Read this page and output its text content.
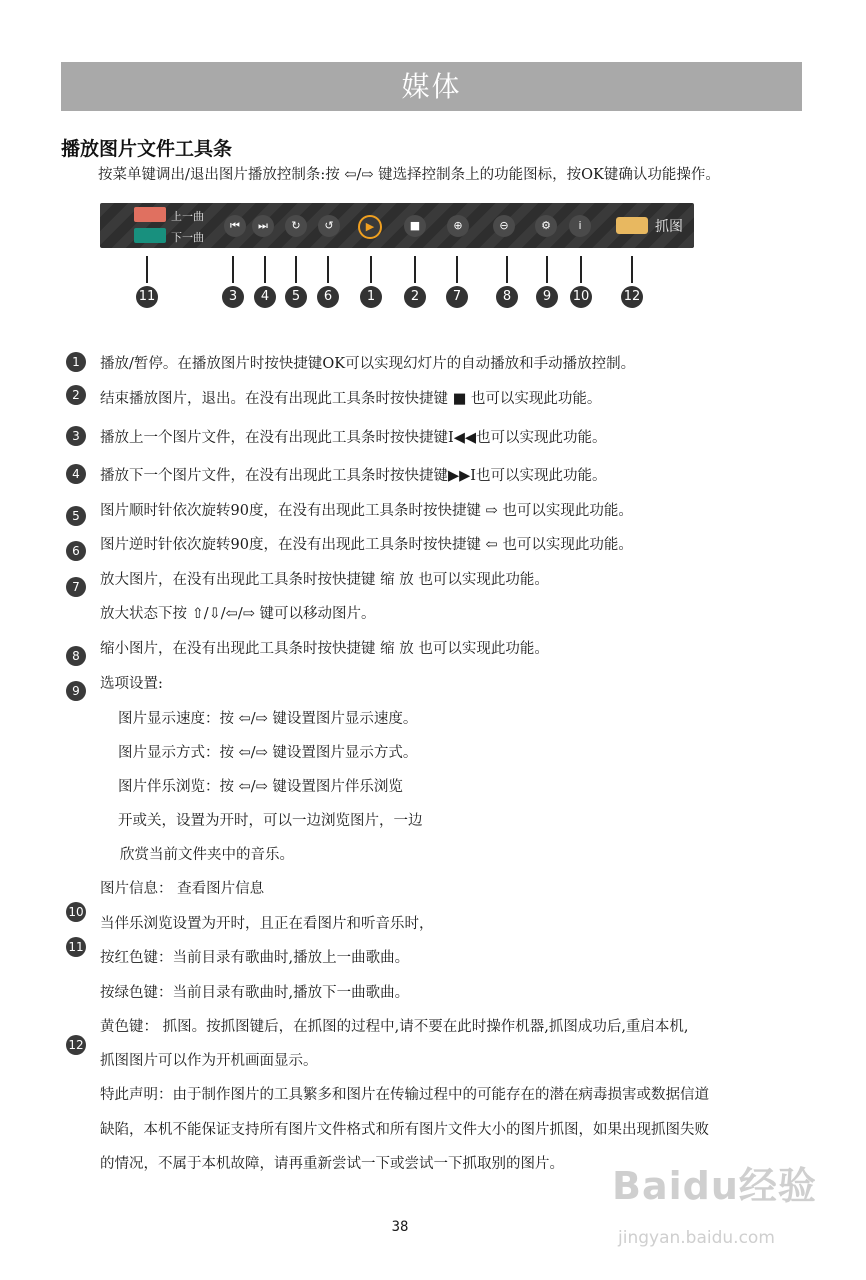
媒体
播放图片文件工具条
按菜单键调出/退出图片播放控制条:按 ⇦/⇨ 键选择控制条上的功能图标，按OK键确认功能操作。
上一曲
下一曲
⏮	⏭	↻	↺	▶	■	⊕	⊖	⚙	i	抓图
11	3	4	5	6	1	2	7	8	9	10	12
1	播放/暂停。在播放图片时按快捷键OK可以实现幻灯片的自动播放和手动播放控制。
2	结束播放图片，退出。在没有出现此工具条时按快捷键 ■ 也可以实现此功能。
3	播放上一个图片文件，在没有出现此工具条时按快捷键I◀◀也可以实现此功能。
4	播放下一个图片文件，在没有出现此工具条时按快捷键▶▶I也可以实现此功能。
5	图片顺时针依次旋转90度，在没有出现此工具条时按快捷键 ⇨ 也可以实现此功能。
6	图片逆时针依次旋转90度，在没有出现此工具条时按快捷键 ⇦ 也可以实现此功能。
7	放大图片，在没有出现此工具条时按快捷键 缩 放 也可以实现此功能。
放大状态下按 ⇧/⇩/⇦/⇨ 键可以移动图片。
8	缩小图片，在没有出现此工具条时按快捷键 缩 放 也可以实现此功能。
9	选项设置:
图片显示速度：按 ⇦/⇨ 键设置图片显示速度。
图片显示方式：按 ⇦/⇨ 键设置图片显示方式。
图片伴乐浏览：按 ⇦/⇨ 键设置图片伴乐浏览
开或关，设置为开时，可以一边浏览图片，一边
欣赏当前文件夹中的音乐。
图片信息： 查看图片信息
10
当伴乐浏览设置为开时，且正在看图片和听音乐时，
11
按红色键：当前目录有歌曲时,播放上一曲歌曲。
按绿色键：当前目录有歌曲时,播放下一曲歌曲。
黄色键： 抓图。按抓图键后，在抓图的过程中,请不要在此时操作机器,抓图成功后,重启本机,
12
抓图图片可以作为开机画面显示。
特此声明：由于制作图片的工具繁多和图片在传输过程中的可能存在的潜在病毒损害或数据信道
缺陷，本机不能保证支持所有图片文件格式和所有图片文件大小的图片抓图，如果出现抓图失败
的情况，不属于本机故障，请再重新尝试一下或尝试一下抓取别的图片。 Baidu经验
jingyan.baidu.com
38
